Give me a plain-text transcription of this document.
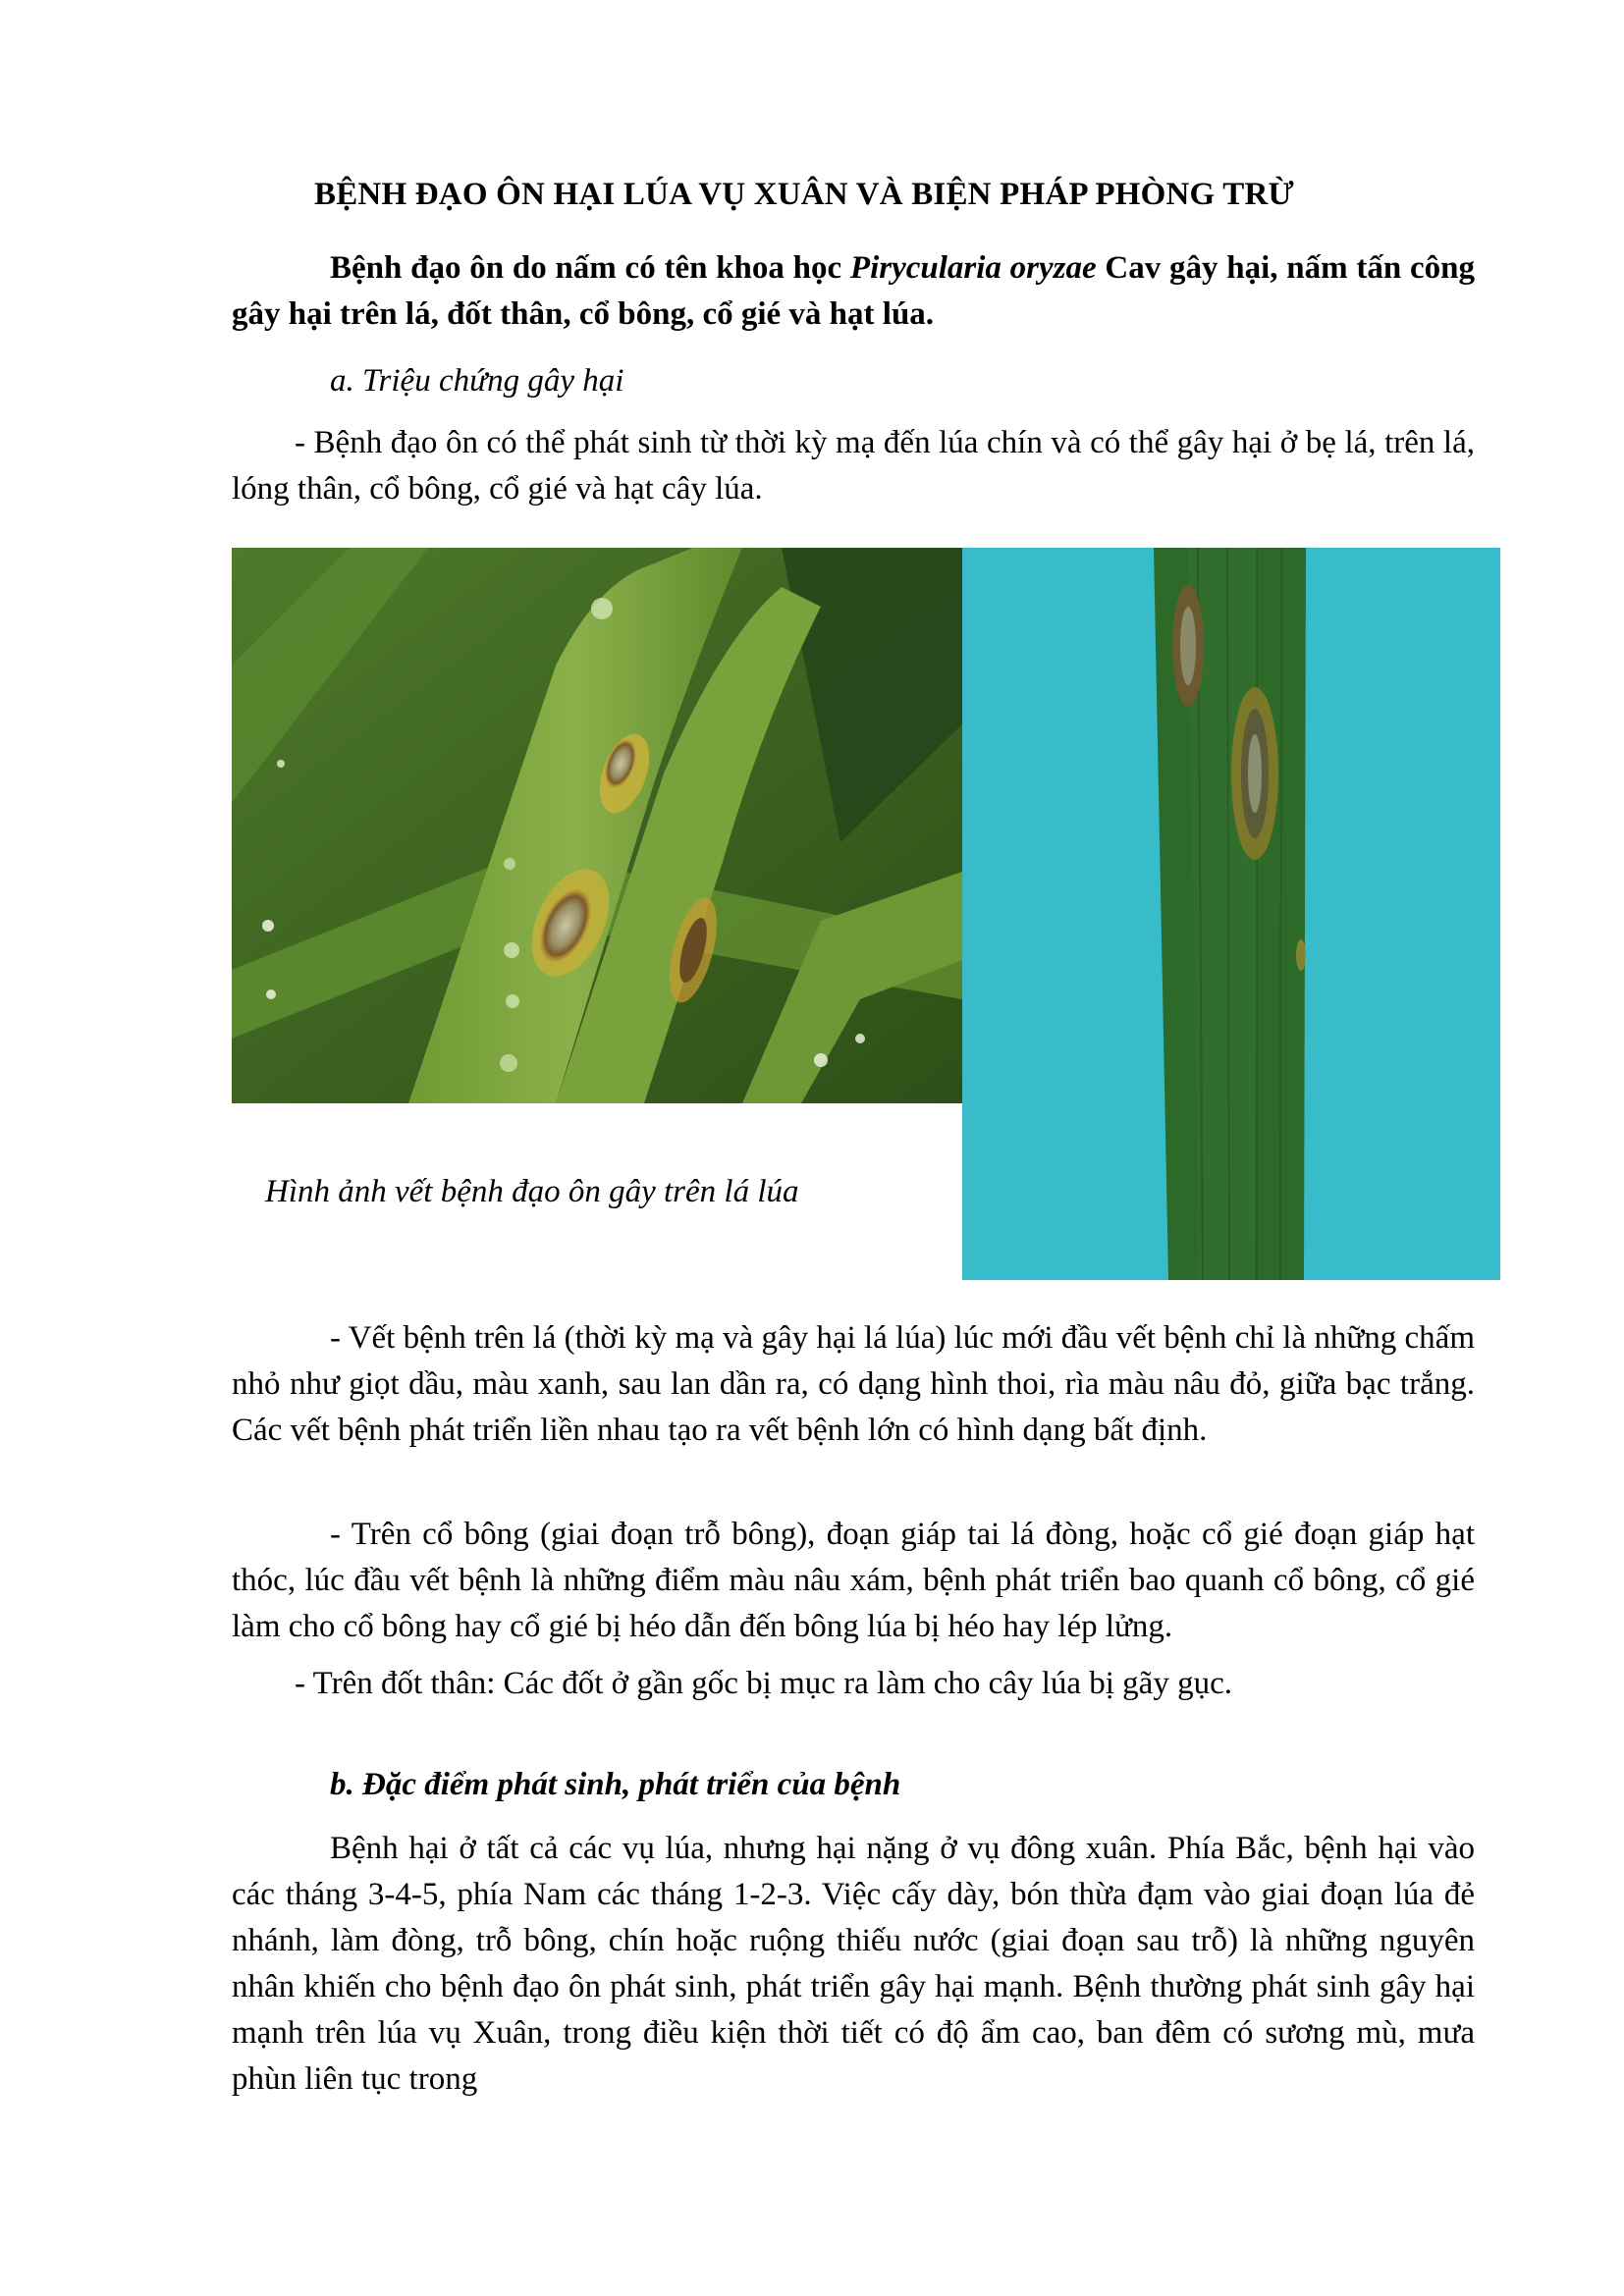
BỆNH ĐẠO ÔN HẠI LÚA VỤ XUÂN VÀ BIỆN PHÁP PHÒNG TRỪ
Bệnh đạo ôn do nấm có tên khoa học Pirycularia oryzae Cav gây hại, nấm tấn công gây hại trên lá, đốt thân, cổ bông, cổ gié và hạt lúa.
a. Triệu chứng gây hại
- Bệnh đạo ôn có thể phát sinh từ thời kỳ mạ đến lúa chín và có thể gây hại ở bẹ lá, trên lá, lóng thân, cổ bông, cổ gié và hạt cây lúa.
Hình ảnh vết bệnh đạo ôn gây trên lá lúa
- Vết bệnh trên lá (thời kỳ mạ và gây hại lá lúa) lúc mới đầu vết bệnh chỉ là những chấm nhỏ như giọt dầu, màu xanh, sau lan dần ra, có dạng hình thoi, rìa màu nâu đỏ, giữa bạc trắng. Các vết bệnh phát triển liền nhau tạo ra vết bệnh lớn có hình dạng bất định.
- Trên cổ bông (giai đoạn trỗ bông), đoạn giáp tai lá đòng, hoặc cổ gié đoạn giáp hạt thóc, lúc đầu vết bệnh là những điểm màu nâu xám, bệnh phát triển bao quanh cổ bông, cổ gié làm cho cổ bông hay cổ gié bị héo dẫn đến bông lúa bị héo hay lép lửng.
- Trên đốt thân: Các đốt ở gần gốc bị mục ra làm cho cây lúa bị gãy gục.
b. Đặc điểm phát sinh, phát triển của bệnh
Bệnh hại ở tất cả các vụ lúa, nhưng hại nặng ở vụ đông xuân. Phía Bắc, bệnh hại vào các tháng 3-4-5, phía Nam các tháng 1-2-3. Việc cấy dày, bón thừa đạm vào giai đoạn lúa đẻ nhánh, làm đòng, trỗ bông, chín hoặc ruộng thiếu nước (giai đoạn sau trỗ) là những nguyên nhân khiến cho bệnh đạo ôn phát sinh, phát triển gây hại mạnh. Bệnh thường phát sinh gây hại mạnh trên lúa vụ Xuân, trong điều kiện thời tiết có độ ẩm cao, ban đêm có sương mù, mưa phùn liên tục trong
